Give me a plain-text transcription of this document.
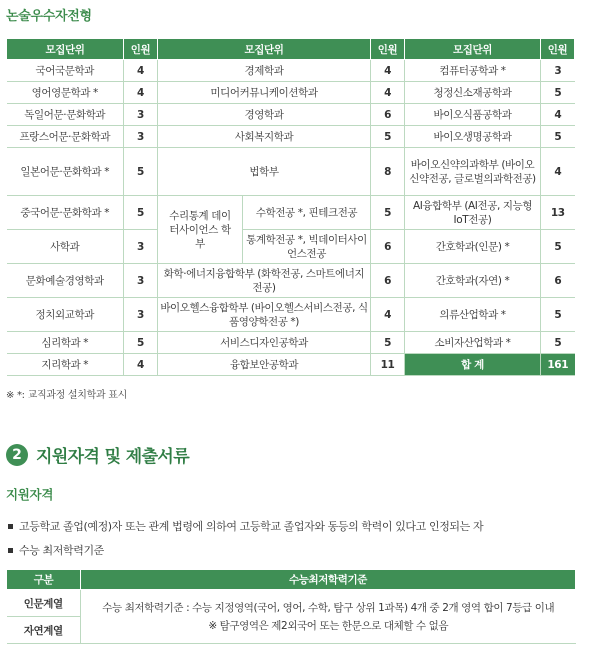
논술우수자전형
모집단위	인원	모집단위		인원	모집단위	인원
국어국문학과	4	경제학과		4	컴퓨터공학과 *	3
영어영문학과 *	4	미디어커뮤니케이션학과		4	청정신소재공학과	5
독일어문·문화학과	3	경영학과		6	바이오식품공학과	4
프랑스어문·문화학과	3	사회복지학과		5	바이오생명공학과	5
일본어문·문화학과 *	5	법학부		8	바이오신약의과학부 (바이오신약전공, 글로벌의과학전공)	4
중국어문·문화학과 *	5	수리통계 데이터사이언스 학부	수학전공 *, 핀테크전공	5	AI융합학부 (AI전공, 지능형IoT전공)	13
사학과	3		통계학전공 *, 빅데이터사이언스전공	6	간호학과(인문) *	5
문화예술경영학과	3	화학·에너지융합학부 (화학전공, 스마트에너지전공)		6	간호학과(자연) *	6
정치외교학과	3	바이오헬스융합학부 (바이오헬스서비스전공, 식품영양학전공 *)		4	의류산업학과 *	5
심리학과 *	5	서비스디자인공학과		5	소비자산업학과 *	5
지리학과 *	4	융합보안공학과		11	합 계	161
※ *: 교직과정 설치학과 표시
2 지원자격 및 제출서류
지원자격
고등학교 졸업(예정)자 또는 관계 법령에 의하여 고등학교 졸업자와 동등의 학력이 있다고 인정되는 자
수능 최저학력기준
구분	수능최저학력기준
인문계열	수능 최저학력기준 : 수능 지정영역(국어, 영어, 수학, 탐구 상위 1과목) 4개 중 2개 영역 합이 7등급 이내
※ 탐구영역은 제2외국어 또는 한문으로 대체할 수 없음

자연계열	
